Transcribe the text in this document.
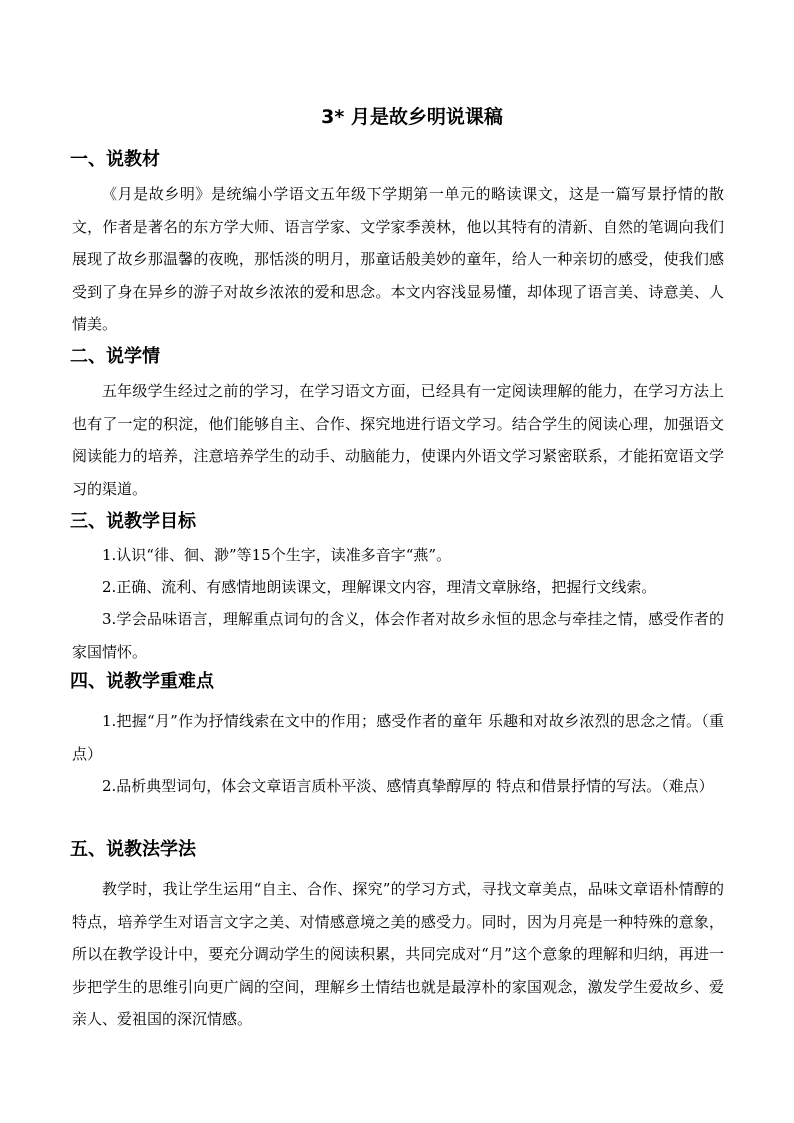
3* 月是故乡明说课稿
一、说教材
《月是故乡明》是统编小学语文五年级下学期第一单元的略读课文，这是一篇写景抒情的散文，作者是著名的东方学大师、语言学家、文学家季羡林，他以其特有的清新、自然的笔调向我们展现了故乡那温馨的夜晚，那恬淡的明月，那童话般美妙的童年，给人一种亲切的感受，使我们感受到了身在异乡的游子对故乡浓浓的爱和思念。本文内容浅显易懂，却体现了语言美、诗意美、人情美。
二、说学情
五年级学生经过之前的学习，在学习语文方面，已经具有一定阅读理解的能力，在学习方法上也有了一定的积淀，他们能够自主、合作、探究地进行语文学习。结合学生的阅读心理，加强语文阅读能力的培养，注意培养学生的动手、动脑能力，使课内外语文学习紧密联系，才能拓宽语文学习的渠道。
三、说教学目标
1.认识“徘、徊、渺”等15个生字，读准多音字“燕”。
2.正确、流利、有感情地朗读课文，理解课文内容，理清文章脉络，把握行文线索。
3.学会品味语言，理解重点词句的含义，体会作者对故乡永恒的思念与牵挂之情，感受作者的家国情怀。
四、说教学重难点
1.把握“月”作为抒情线索在文中的作用；感受作者的童年 乐趣和对故乡浓烈的思念之情。（重点）
2.品析典型词句，体会文章语言质朴平淡、感情真挚醇厚的 特点和借景抒情的写法。（难点）
五、说教法学法
教学时，我让学生运用“自主、合作、探究”的学习方式，寻找文章美点，品味文章语朴情醇的特点，培养学生对语言文字之美、对情感意境之美的感受力。同时，因为月亮是一种特殊的意象，所以在教学设计中，要充分调动学生的阅读积累，共同完成对“月”这个意象的理解和归纳，再进一步把学生的思维引向更广阔的空间，理解乡土情结也就是最淳朴的家国观念，激发学生爱故乡、爱亲人、爱祖国的深沉情感。
